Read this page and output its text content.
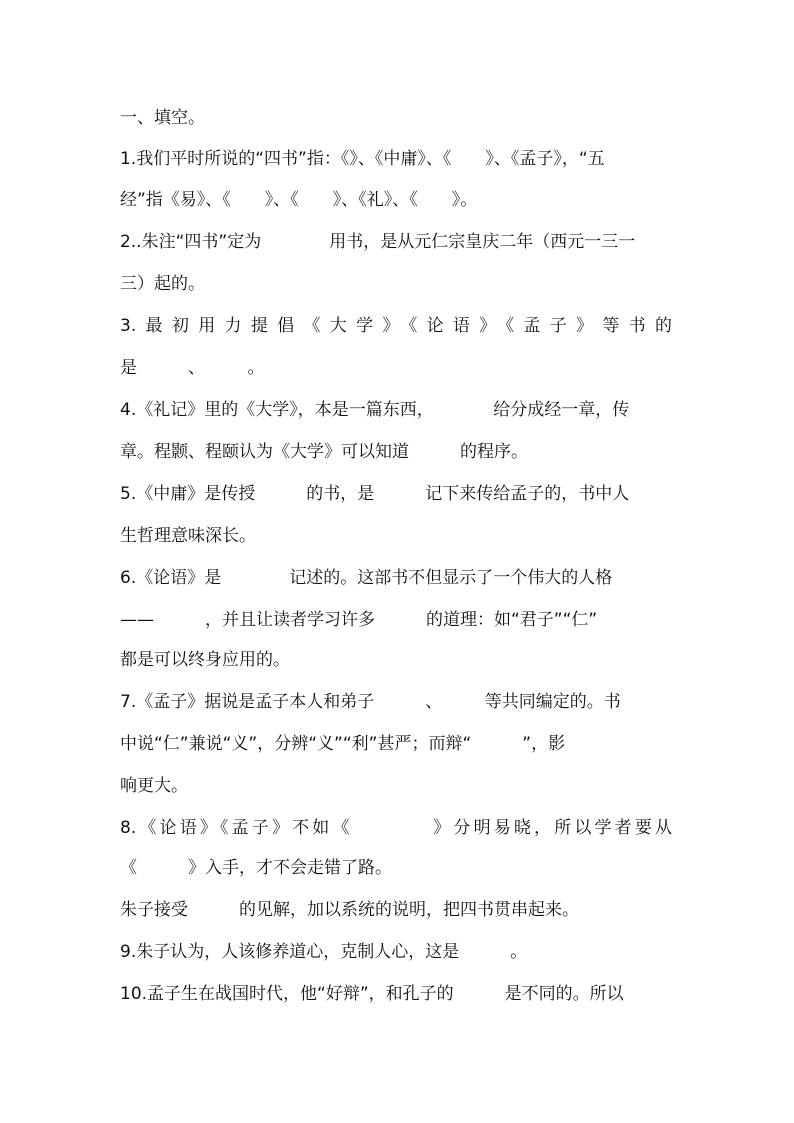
一、填空。
1.我们平时所说的“四书”指：《》、《中庸》、《　　》、《孟子》，“五
经”指《易》、《　　》、《　　》、《礼》、《　　》。
2..朱注“四书”定为　　　　用书，是从元仁宗皇庆二年（西元一三一
三）起的。
3.最初用力提倡《大学》《论语》《孟子》等书的
是　　　、　　　。
4.《礼记》里的《大学》，本是一篇东西，　　　　给分成经一章，传
章。程颢、程颐认为《大学》可以知道　　　的程序。
5.《中庸》是传授　　　的书，是　　　记下来传给孟子的，书中人
生哲理意味深长。
6.《论语》是　　　　记述的。这部书不但显示了一个伟大的人格
——　　　，并且让读者学习许多　　　的道理：如“君子”“仁”
都是可以终身应用的。
7.《孟子》据说是孟子本人和弟子　　　、　　　等共同编定的。书
中说“仁”兼说“义”，分辨“义”“利”甚严；而辩“　　　”，影
响更大。
8.《论语》《孟子》不如《　　　　》分明易晓，所以学者要从
《　　　》入手，才不会走错了路。
朱子接受　　　的见解，加以系统的说明，把四书贯串起来。
9.朱子认为，人该修养道心，克制人心，这是　　　。
10.孟子生在战国时代，他“好辩”，和孔子的　　　是不同的。所以
